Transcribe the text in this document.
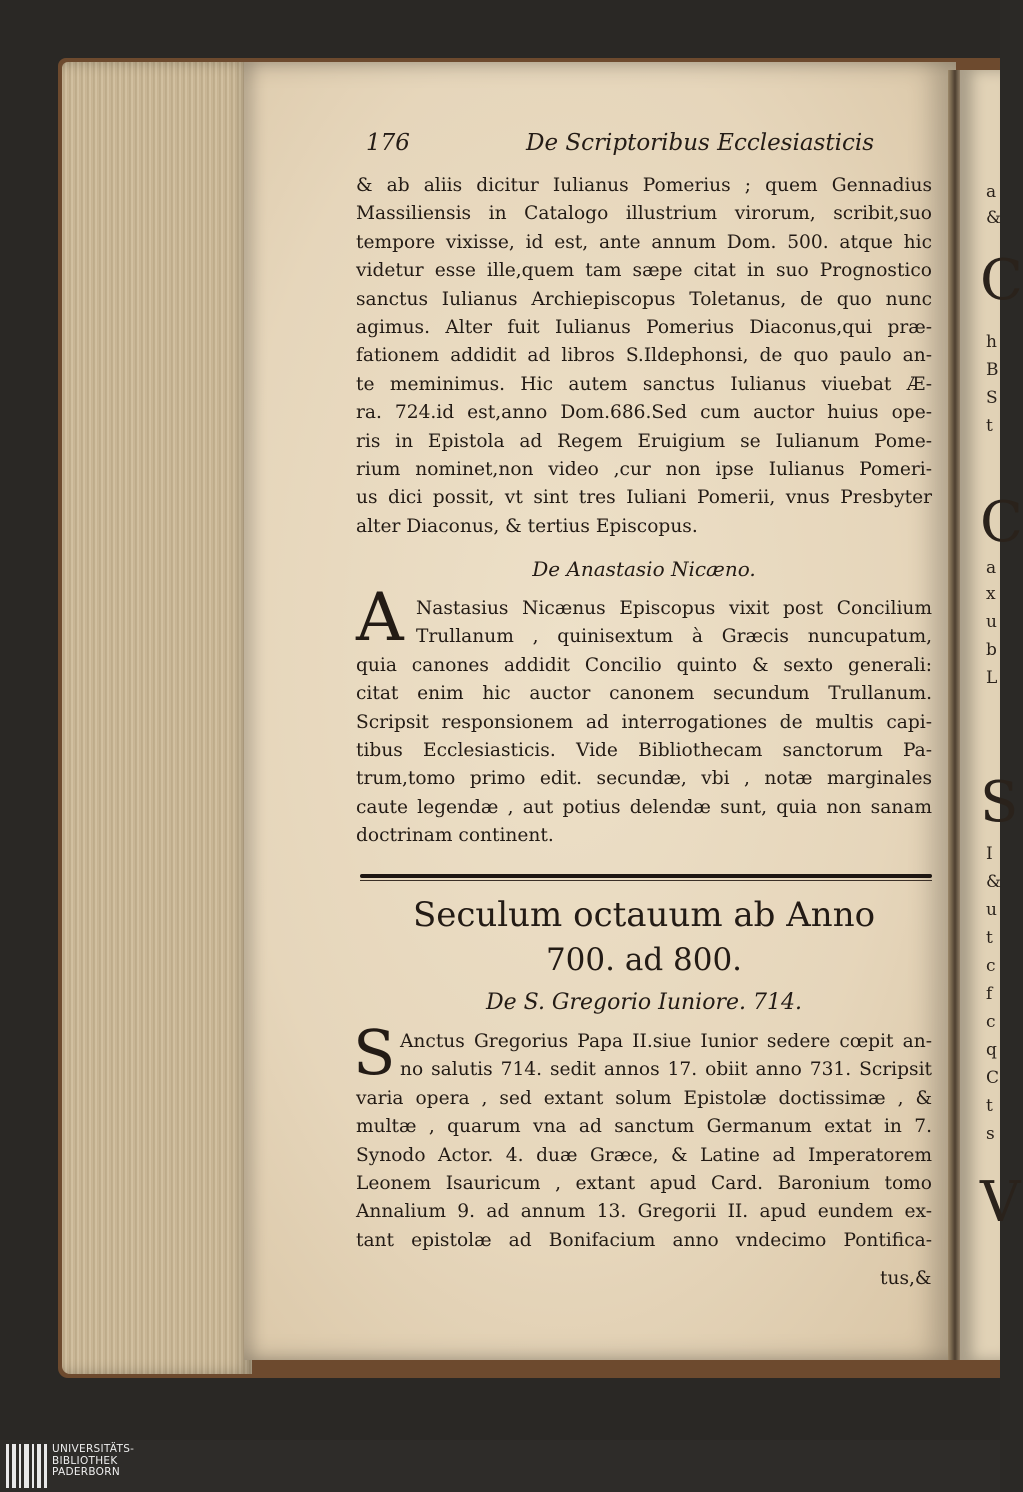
a
&
C
h
B
S
t
C
a
x
u
b
L
S
I
&
u
t
c
f
c
q
C
t
s
V
176	De Scriptoribus Ecclesiasticis
& ab aliis dicitur Iulianus Pomerius ; quem Gennadius
Massiliensis in Catalogo illustrium virorum, scribit,suo
tempore vixisse, id est, ante annum Dom. 500. atque hic
videtur esse ille,quem tam sæpe citat in suo Prognostico
sanctus Iulianus Archiepiscopus Toletanus, de quo nunc
agimus. Alter fuit Iulianus Pomerius Diaconus,qui præ-
fationem addidit ad libros S.Ildephonsi, de quo paulo an-
te meminimus. Hic autem sanctus Iulianus viuebat Æ-
ra. 724.id est,anno Dom.686.Sed cum auctor huius ope-
ris in Epistola ad Regem Eruigium se Iulianum Pome-
rium nominet,non video ,cur non ipse Iulianus Pomeri-
us dici possit, vt sint tres Iuliani Pomerii, vnus Presbyter
alter Diaconus, & tertius Episcopus.
De Anastasio Nicæno.
A Nastasius Nicænus Episcopus vixit post Concilium
Trullanum , quinisextum à Græcis nuncupatum,
quia canones addidit Concilio quinto & sexto generali:
citat enim hic auctor canonem secundum Trullanum.
Scripsit responsionem ad interrogationes de multis capi-
tibus Ecclesiasticis. Vide Bibliothecam sanctorum Pa-
trum,tomo primo edit. secundæ, vbi , notæ marginales
caute legendæ , aut potius delendæ sunt, quia non sanam
doctrinam continent.
Seculum octauum ab Anno
700. ad 800.
De S. Gregorio Iuniore. 714.
S Anctus Gregorius Papa II.siue Iunior sedere cœpit an-
no salutis 714. sedit annos 17. obiit anno 731. Scripsit
varia opera , sed extant solum Epistolæ doctissimæ , &
multæ , quarum vna ad sanctum Germanum extat in 7.
Synodo Actor. 4. duæ Græce, & Latine ad Imperatorem
Leonem Isauricum , extant apud Card. Baronium tomo
Annalium 9. ad annum 13. Gregorii II. apud eundem ex-
tant epistolæ ad Bonifacium anno vndecimo Pontifica-
tus,&
UNIVERSITÄTS-
BIBLIOTHEK
PADERBORN
